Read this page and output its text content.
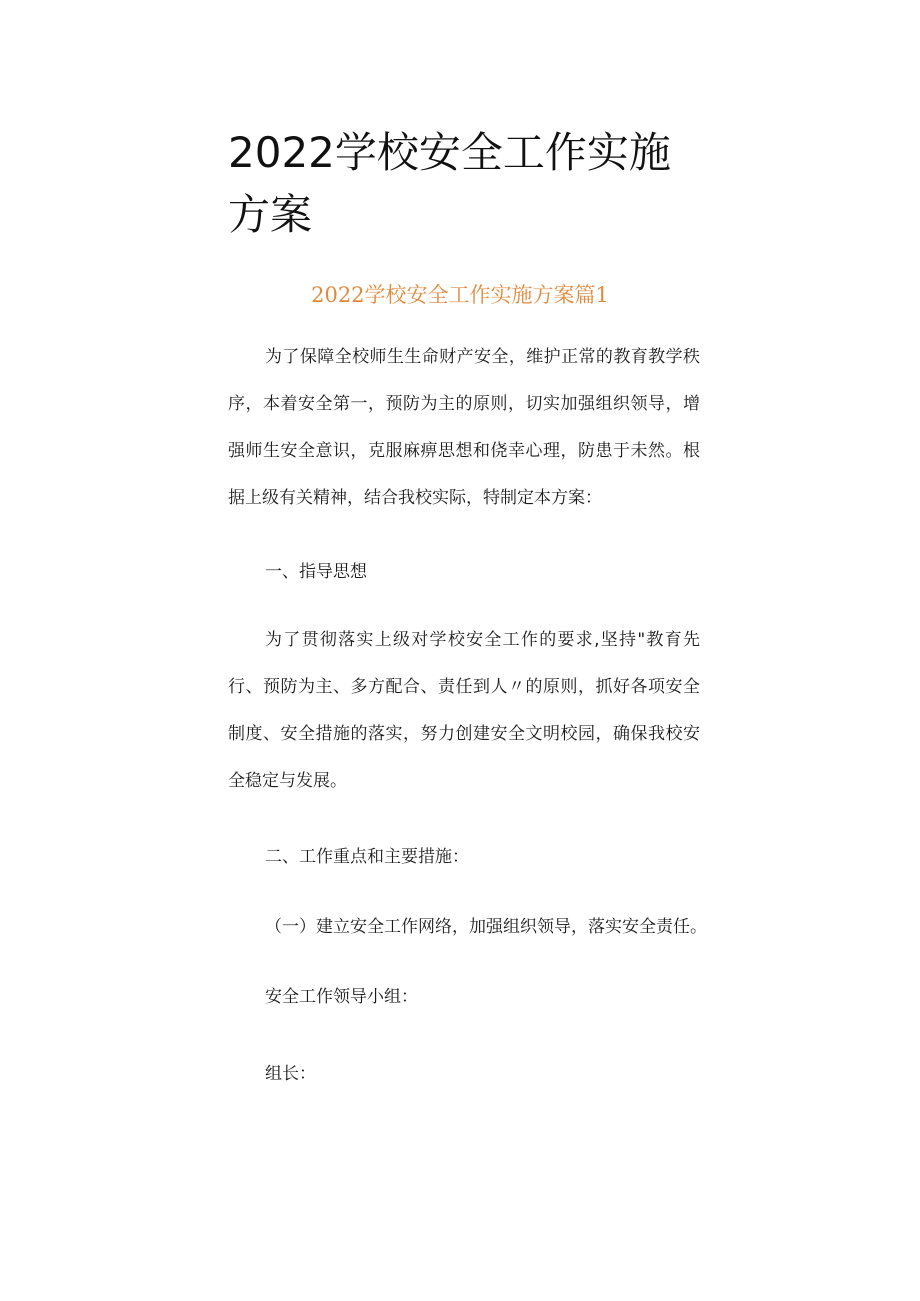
2022学校安全工作实施方案

2022学校安全工作实施方案篇1

为了保障全校师生生命财产安全，维护正常的教育教学秩序，本着安全第一，预防为主的原则，切实加强组织领导，增强师生安全意识，克服麻痹思想和侥幸心理，防患于未然。根据上级有关精神，结合我校实际，特制定本方案：

一、指导思想

为了贯彻落实上级对学校安全工作的要求,坚持"教育先行、预防为主、多方配合、责任到人〃的原则，抓好各项安全制度、安全措施的落实，努力创建安全文明校园，确保我校安全稳定与发展。

二、工作重点和主要措施：

（一）建立安全工作网络，加强组织领导，落实安全责任。

安全工作领导小组：

组长：
